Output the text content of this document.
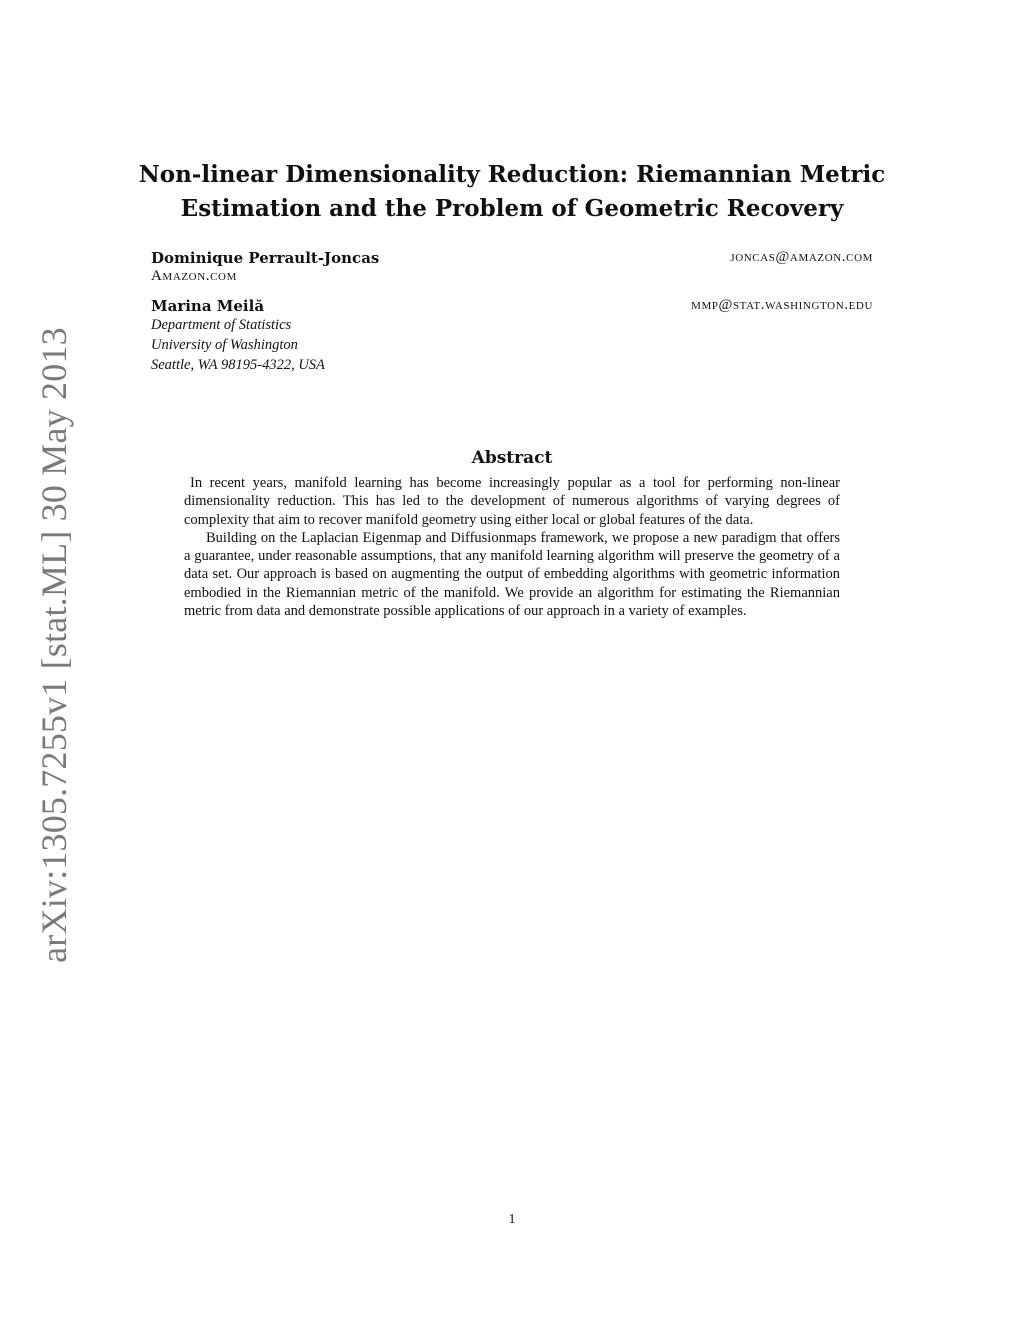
arXiv:1305.7255v1 [stat.ML] 30 May 2013
Non-linear Dimensionality Reduction: Riemannian Metric
Estimation and the Problem of Geometric Recovery
Dominique Perrault-Joncas	joncas@amazon.com
Amazon.com
Marina Meilă	mmp@stat.washington.edu
Department of Statistics
University of Washington
Seattle, WA 98195-4322, USA
Abstract

In recent years, manifold learning has become increasingly popular as a tool for performing non-linear dimensionality reduction. This has led to the development of numerous algorithms of varying degrees of complexity that aim to recover manifold geometry using either local or global features of the data.

Building on the Laplacian Eigenmap and Diffusionmaps framework, we propose a new paradigm that offers a guarantee, under reasonable assumptions, that any manifold learning algorithm will preserve the geometry of a data set. Our approach is based on augmenting the output of embedding algorithms with geometric information embodied in the Riemannian metric of the manifold. We provide an algorithm for estimating the Riemannian metric from data and demonstrate possible applications of our approach in a variety of examples.

1
